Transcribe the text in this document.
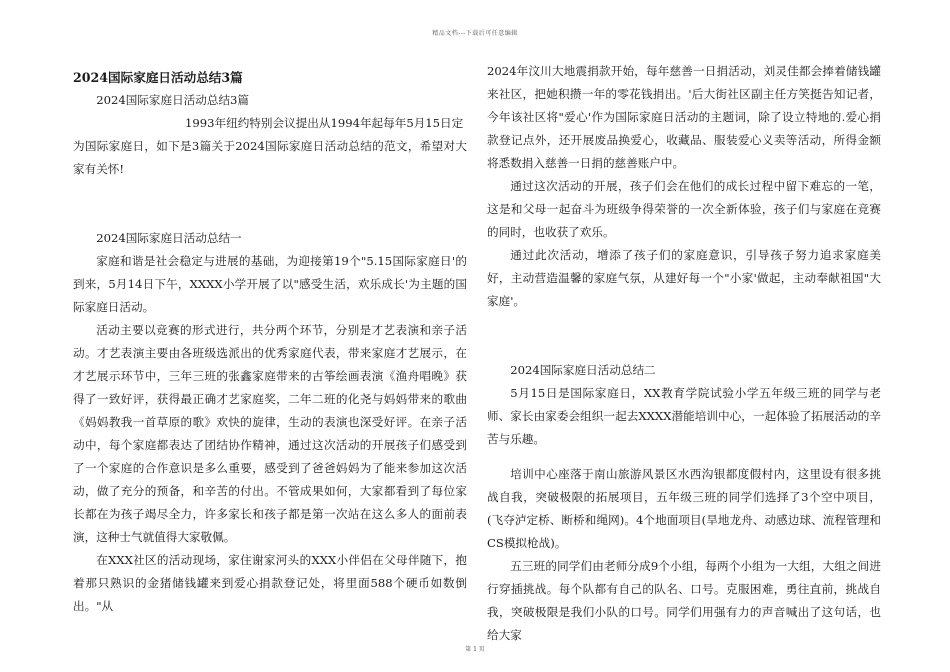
精品文档---下载后可任意编辑

2024国际家庭日活动总结3篇

2024国际家庭日活动总结3篇

1993年纽约特别会议提出从1994年起每年5月15日定

为国际家庭日，如下是3篇关于2024国际家庭日活动总结的范文，希望对大家有关怀!

2024国际家庭日活动总结一

家庭和谐是社会稳定与进展的基础，为迎接第19个"5.15国际家庭日'的到来，5月14日下午，XXXX小学开展了以"感受生活，欢乐成长'为主题的国际家庭日活动。

活动主要以竞赛的形式进行，共分两个环节，分别是才艺表演和亲子活动。才艺表演主要由各班级选派出的优秀家庭代表，带来家庭才艺展示，在才艺展示环节中，三年三班的张鑫家庭带来的古筝绘画表演《渔舟唱晚》获得了一致好评，获得最正确才艺家庭奖，二年二班的化尧与妈妈带来的歌曲《妈妈教我一首草原的歌》欢快的旋律，生动的表演也深受好评。在亲子活动中，每个家庭都表达了团结协作精神，通过这次活动的开展孩子们感受到了一个家庭的合作意识是多么重要，感受到了爸爸妈妈为了能来参加这次活动，做了充分的预备，和辛苦的付出。不管成果如何，大家都看到了每位家长都在为孩子竭尽全力，许多家长和孩子都是第一次站在这么多人的面前表演，这种士气就值得大家敬佩。

在XXX社区的活动现场，家住谢家河头的XXX小伴侣在父母伴随下，抱着那只熟识的金猪储钱罐来到爱心捐款登记处，将里面588个硬币如数倒出。"从

2024年汶川大地震捐款开始，每年慈善一日捐活动，刘灵佳都会捧着储钱罐来社区，把她积攒一年的零花钱捐出。'后大街社区副主任方笑挺告知记者，今年该社区将"爱心'作为国际家庭日活动的主题词，除了设立特地的.爱心捐款登记点外，还开展废品换爱心，收藏品、服装爱心义卖等活动，所得金额将悉数捐入慈善一日捐的慈善账户中。

通过这次活动的开展，孩子们会在他们的成长过程中留下难忘的一笔，这是和父母一起奋斗为班级争得荣誉的一次全新体验，孩子们与家庭在竞赛的同时，也收获了欢乐。

通过此次活动，增添了孩子们的家庭意识，引导孩子努力追求家庭美好，主动营造温馨的家庭气氛，从建好每一个"小家'做起，主动奉献祖国"大家庭'。

2024国际家庭日活动总结二

5月15日是国际家庭日，XX教育学院试验小学五年级三班的同学与老师、家长由家委会组织一起去XXXX潜能培训中心，一起体验了拓展活动的辛苦与乐趣。

培训中心座落于南山旅游风景区水西沟银都度假村内，这里设有很多挑战自我，突破极限的拓展项目，五年级三班的同学们选择了3个空中项目，(飞夺泸定桥、断桥和绳网)。4个地面项目(旱地龙舟、动感边球、流程管理和CS模拟枪战)。

五三班的同学们由老师分成9个小组，每两个小组为一大组，大组之间进行穿插挑战。每个队都有自己的队名、口号。克服困难，勇往直前，挑战自我，突破极限是我们小队的口号。同学们用强有力的声音喊出了这句话，也给大家

第 1 页
